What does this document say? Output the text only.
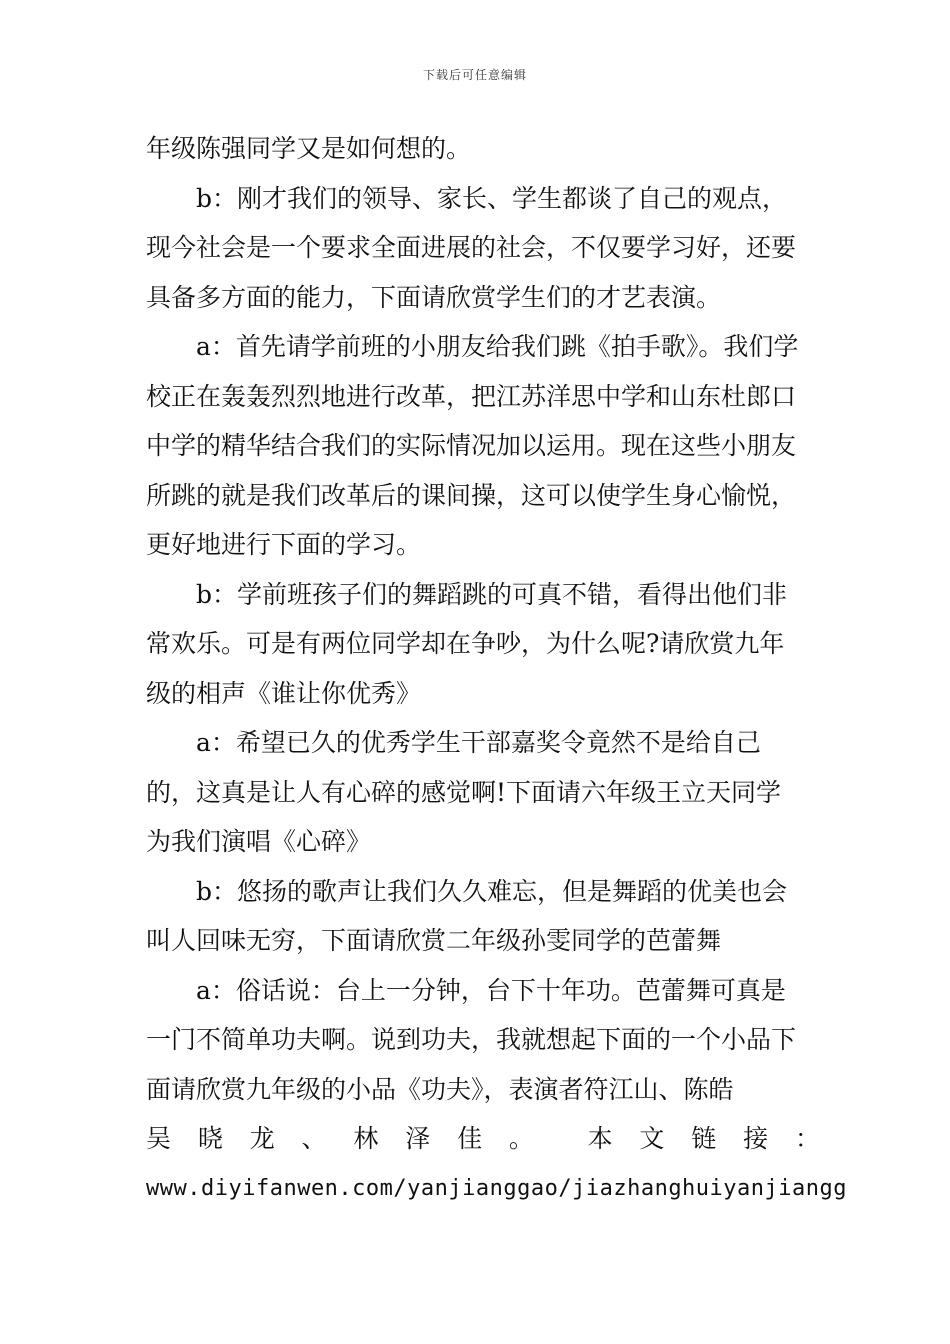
下载后可任意编辑

年级陈强同学又是如何想的。

b：刚才我们的领导、家长、学生都谈了自己的观点，现今社会是一个要求全面进展的社会，不仅要学习好，还要具备多方面的能力，下面请欣赏学生们的才艺表演。

a：首先请学前班的小朋友给我们跳《拍手歌》。我们学校正在轰轰烈烈地进行改革，把江苏洋思中学和山东杜郎口中学的精华结合我们的实际情况加以运用。现在这些小朋友所跳的就是我们改革后的课间操，这可以使学生身心愉悦，更好地进行下面的学习。

b：学前班孩子们的舞蹈跳的可真不错，看得出他们非常欢乐。可是有两位同学却在争吵，为什么呢?请欣赏九年级的相声《谁让你优秀》

a：希望已久的优秀学生干部嘉奖令竟然不是给自己的，这真是让人有心碎的感觉啊!下面请六年级王立天同学为我们演唱《心碎》

b：悠扬的歌声让我们久久难忘，但是舞蹈的优美也会叫人回味无穷，下面请欣赏二年级孙雯同学的芭蕾舞

a：俗话说：台上一分钟，台下十年功。芭蕾舞可真是一门不简单功夫啊。说到功夫，我就想起下面的一个小品下面请欣赏九年级的小品《功夫》，表演者符江山、陈皓

吴 晓 龙 、 林 泽 佳 。 本 文 链 接 ：
www.diyifanwen.com/yanjianggao/jiazhanghuiyanjiangg
